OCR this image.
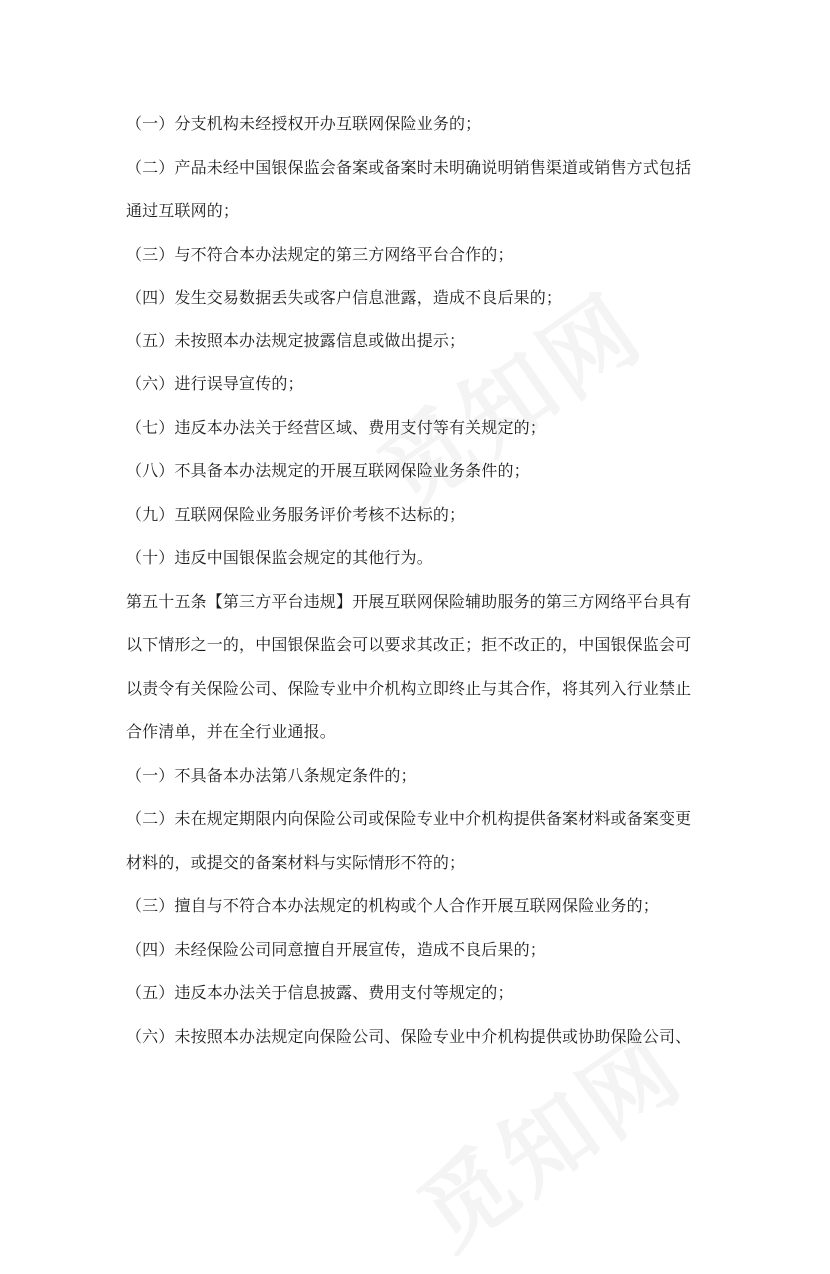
（一）分支机构未经授权开办互联网保险业务的；
（二）产品未经中国银保监会备案或备案时未明确说明销售渠道或销售方式包括
通过互联网的；
（三）与不符合本办法规定的第三方网络平台合作的；
（四）发生交易数据丢失或客户信息泄露，造成不良后果的；
（五）未按照本办法规定披露信息或做出提示；
（六）进行误导宣传的；
（七）违反本办法关于经营区域、费用支付等有关规定的；
（八）不具备本办法规定的开展互联网保险业务条件的；
（九）互联网保险业务服务评价考核不达标的；
（十）违反中国银保监会规定的其他行为。
第五十五条【第三方平台违规】开展互联网保险辅助服务的第三方网络平台具有
以下情形之一的，中国银保监会可以要求其改正；拒不改正的，中国银保监会可
以责令有关保险公司、保险专业中介机构立即终止与其合作，将其列入行业禁止
合作清单，并在全行业通报。
（一）不具备本办法第八条规定条件的；
（二）未在规定期限内向保险公司或保险专业中介机构提供备案材料或备案变更
材料的，或提交的备案材料与实际情形不符的；
（三）擅自与不符合本办法规定的机构或个人合作开展互联网保险业务的；
（四）未经保险公司同意擅自开展宣传，造成不良后果的；
（五）违反本办法关于信息披露、费用支付等规定的；
（六）未按照本办法规定向保险公司、保险专业中介机构提供或协助保险公司、
